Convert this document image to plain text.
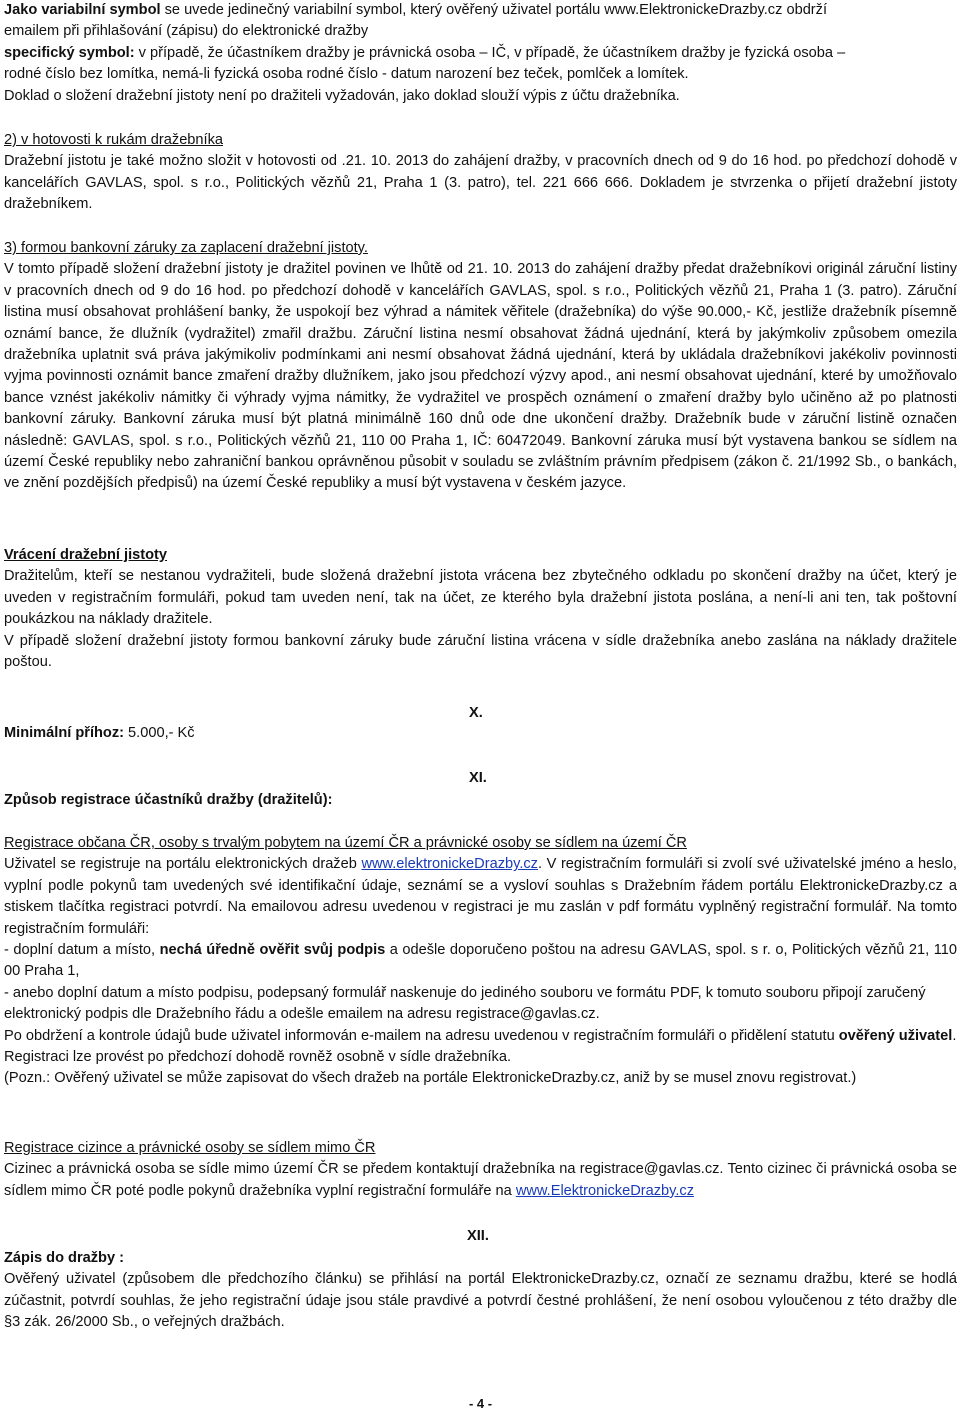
Jako variabilní symbol se uvede jedinečný variabilní symbol, který ověřený uživatel portálu www.ElektronickeDrazby.cz obdrží

emailem při přihlašování (zápisu) do elektronické dražby

specifický symbol: v případě, že účastníkem dražby je právnická osoba – IČ, v případě, že účastníkem dražby je fyzická osoba –

rodné číslo bez lomítka, nemá-li fyzická osoba rodné číslo - datum narození bez teček, pomlček a lomítek.

Doklad o složení dražební jistoty není po dražiteli vyžadován, jako doklad slouží výpis z účtu dražebníka.

2) v hotovosti k rukám dražebníka

Dražební jistotu je také možno složit v hotovosti od .21. 10. 2013 do zahájení dražby, v pracovních dnech od 9 do 16 hod. po předchozí dohodě v kancelářích GAVLAS, spol. s r.o., Politických vězňů 21, Praha 1 (3. patro), tel. 221 666 666. Dokladem je stvrzenka o přijetí dražební jistoty dražebníkem.

3) formou bankovní záruky za zaplacení dražební jistoty.

V tomto případě složení dražební jistoty je dražitel povinen ve lhůtě od 21. 10. 2013 do zahájení dražby předat dražebníkovi originál záruční listiny v pracovních dnech od 9 do 16 hod. po předchozí dohodě v kancelářích GAVLAS, spol. s r.o., Politických vězňů 21, Praha 1 (3. patro). Záruční listina musí obsahovat prohlášení banky, že uspokojí bez výhrad a námitek věřitele (dražebníka) do výše 90.000,- Kč, jestliže dražebník písemně oznámí bance, že dlužník (vydražitel) zmařil dražbu. Záruční listina nesmí obsahovat žádná ujednání, která by jakýmkoliv způsobem omezila dražebníka uplatnit svá práva jakýmikoliv podmínkami ani nesmí obsahovat žádná ujednání, která by ukládala dražebníkovi jakékoliv povinnosti vyjma povinnosti oznámit bance zmaření dražby dlužníkem, jako jsou předchozí výzvy apod., ani nesmí obsahovat ujednání, které by umožňovalo bance vznést jakékoliv námitky či výhrady vyjma námitky, že vydražitel ve prospěch oznámení o zmaření dražby bylo učiněno až po platnosti bankovní záruky. Bankovní záruka musí být platná minimálně 160 dnů ode dne ukončení dražby. Dražebník bude v záruční listině označen následně: GAVLAS, spol. s r.o., Politických vězňů 21, 110 00 Praha 1, IČ: 60472049. Bankovní záruka musí být vystavena bankou se sídlem na území České republiky nebo zahraniční bankou oprávněnou působit v souladu se zvláštním právním předpisem (zákon č. 21/1992 Sb., o bankách, ve znění pozdějších předpisů) na území České republiky a musí být vystavena v českém jazyce.

Vrácení dražební jistoty

Dražitelům, kteří se nestanou vydražiteli, bude složená dražební jistota vrácena bez zbytečného odkladu po skončení dražby na účet, který je uveden v registračním formuláři, pokud tam uveden není, tak na účet, ze kterého byla dražební jistota poslána, a není-li ani ten, tak poštovní poukázkou na náklady dražitele.

V případě složení dražební jistoty formou bankovní záruky bude záruční listina vrácena v sídle dražebníka anebo zaslána na náklady dražitele poštou.

X.

Minimální příhoz: 5.000,- Kč

XI.

Způsob registrace účastníků dražby (dražitelů):

Registrace občana ČR, osoby s trvalým pobytem na území ČR a právnické osoby se sídlem na území ČR

Uživatel se registruje na portálu elektronických dražeb www.elektronickeDrazby.cz. V registračním formuláři si zvolí své uživatelské jméno a heslo, vyplní podle pokynů tam uvedených své identifikační údaje, seznámí se a vysloví souhlas s Dražebním řádem portálu ElektronickeDrazby.cz a stiskem tlačítka registraci potvrdí. Na emailovou adresu uvedenou v registraci je mu zaslán v pdf formátu vyplněný registrační formulář. Na tomto registračním formuláři:

- doplní datum a místo, nechá úředně ověřit svůj podpis a odešle doporučeno poštou na adresu GAVLAS, spol. s r. o, Politických vězňů 21, 110 00 Praha 1,

- anebo doplní datum a místo podpisu, podepsaný formulář naskenuje do jediného souboru ve formátu PDF, k tomuto souboru připojí zaručený elektronický podpis dle Dražebního řádu a odešle emailem na adresu registrace@gavlas.cz.

Po obdržení a kontrole údajů bude uživatel informován e-mailem na adresu uvedenou v registračním formuláři o přidělení statutu ověřený uživatel.

Registraci lze provést po předchozí dohodě rovněž osobně v sídle dražebníka.

(Pozn.: Ověřený uživatel se může zapisovat do všech dražeb na portále ElektronickeDrazby.cz, aniž by se musel znovu registrovat.)

Registrace cizince a právnické osoby se sídlem mimo ČR

Cizinec a právnická osoba se sídle mimo území ČR se předem kontaktují dražebníka na registrace@gavlas.cz. Tento cizinec či právnická osoba se sídlem mimo ČR poté podle pokynů dražebníka vyplní registrační formuláře na www.ElektronickeDrazby.cz

XII.

Zápis do dražby :

Ověřený uživatel (způsobem dle předchozího článku) se přihlásí na portál ElektronickeDrazby.cz, označí ze seznamu dražbu, které se hodlá zúčastnit, potvrdí souhlas, že jeho registrační údaje jsou stále pravdivé a potvrdí čestné prohlášení, že není osobou vyloučenou z této dražby dle §3 zák. 26/2000 Sb., o veřejných dražbách.

- 4 -
